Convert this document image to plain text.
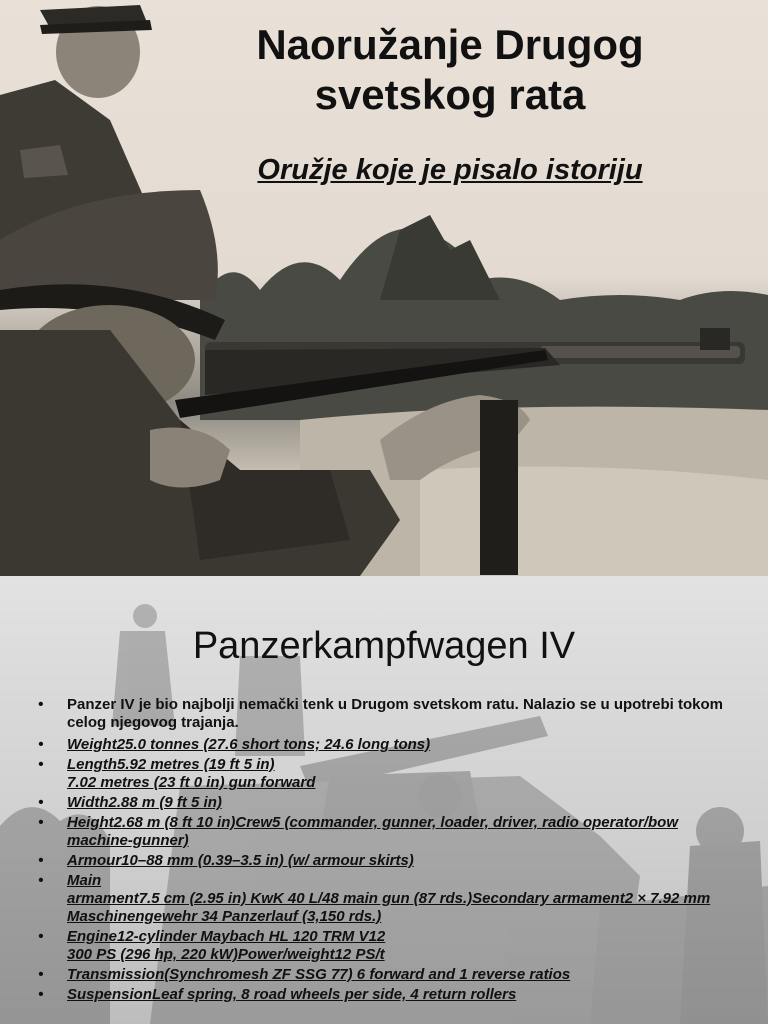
Naoružanje Drugog
svetskog rata
Oružje koje je pisalo istoriju
Panzerkampfwagen IV
• Panzer IV je bio najbolji nemački tenk u Drugom svetskom ratu. Nalazio se u upotrebi tokom celog njegovog trajanja.
• Weight25.0 tonnes (27.6 short tons; 24.6 long tons)
• Length5.92 metres (19 ft 5 in)
7.02 metres (23 ft 0 in) gun forward
• Width2.88 m (9 ft 5 in)
• Height2.68 m (8 ft 10 in)Crew5 (commander, gunner, loader, driver, radio operator/bow machine-gunner)
• Armour10–88 mm (0.39–3.5 in) (w/ armour skirts)
• Main
armament7.5 cm (2.95 in) KwK 40 L/48 main gun (87 rds.)Secondary armament2 × 7.92 mm Maschinengewehr 34 Panzerlauf (3,150 rds.)
• Engine12-cylinder Maybach HL 120 TRM V12
300 PS (296 hp, 220 kW)Power/weight12 PS/t
• Transmission(Synchromesh ZF SSG 77) 6 forward and 1 reverse ratios
• SuspensionLeaf spring, 8 road wheels per side, 4 return rollers
